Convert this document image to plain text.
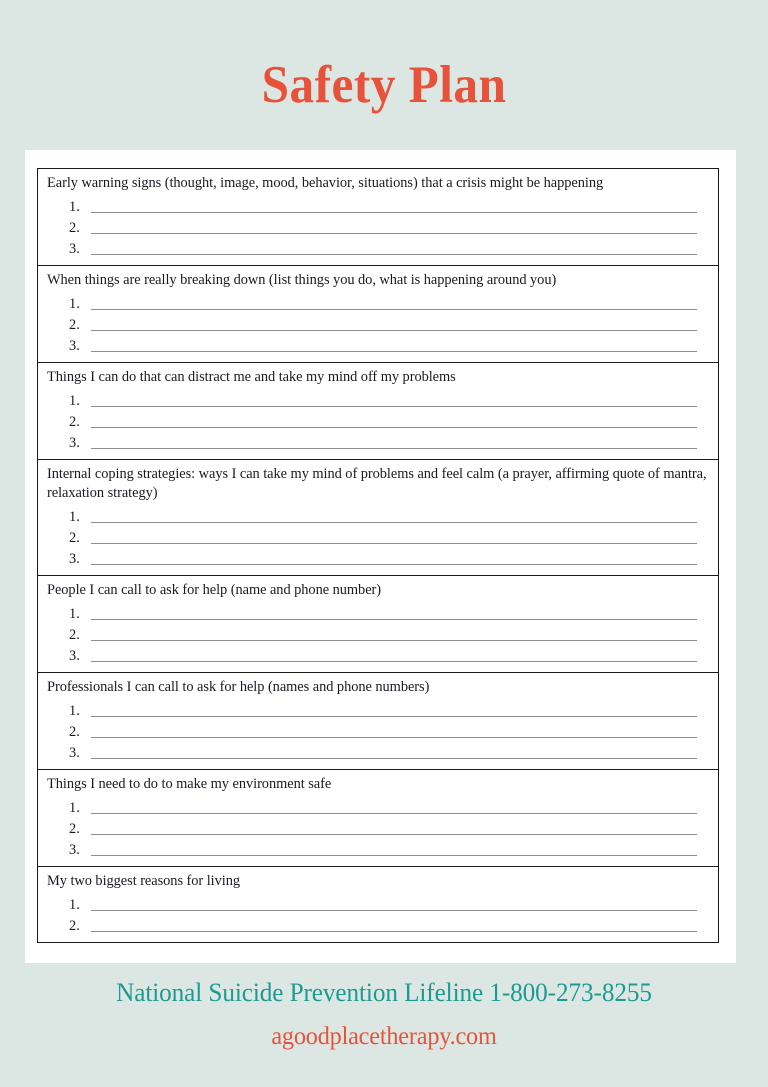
Safety Plan
Early warning signs (thought, image, mood, behavior, situations) that a crisis might be happening
1.
2.
3.
When things are really breaking down (list things you do, what is happening around you)
1.
2.
3.
Things I can do that can distract me and take my mind off my problems
1.
2.
3.
Internal coping strategies: ways I can take my mind of problems and feel calm (a prayer, affirming quote of mantra, relaxation strategy)
1.
2.
3.
People I can call to ask for help (name and phone number)
1.
2.
3.
Professionals I can call to ask for help (names and phone numbers)
1.
2.
3.
Things I need to do to make my environment safe
1.
2.
3.
My two biggest reasons for living
1.
2.
National Suicide Prevention Lifeline 1-800-273-8255
agoodplacetherapy.com
